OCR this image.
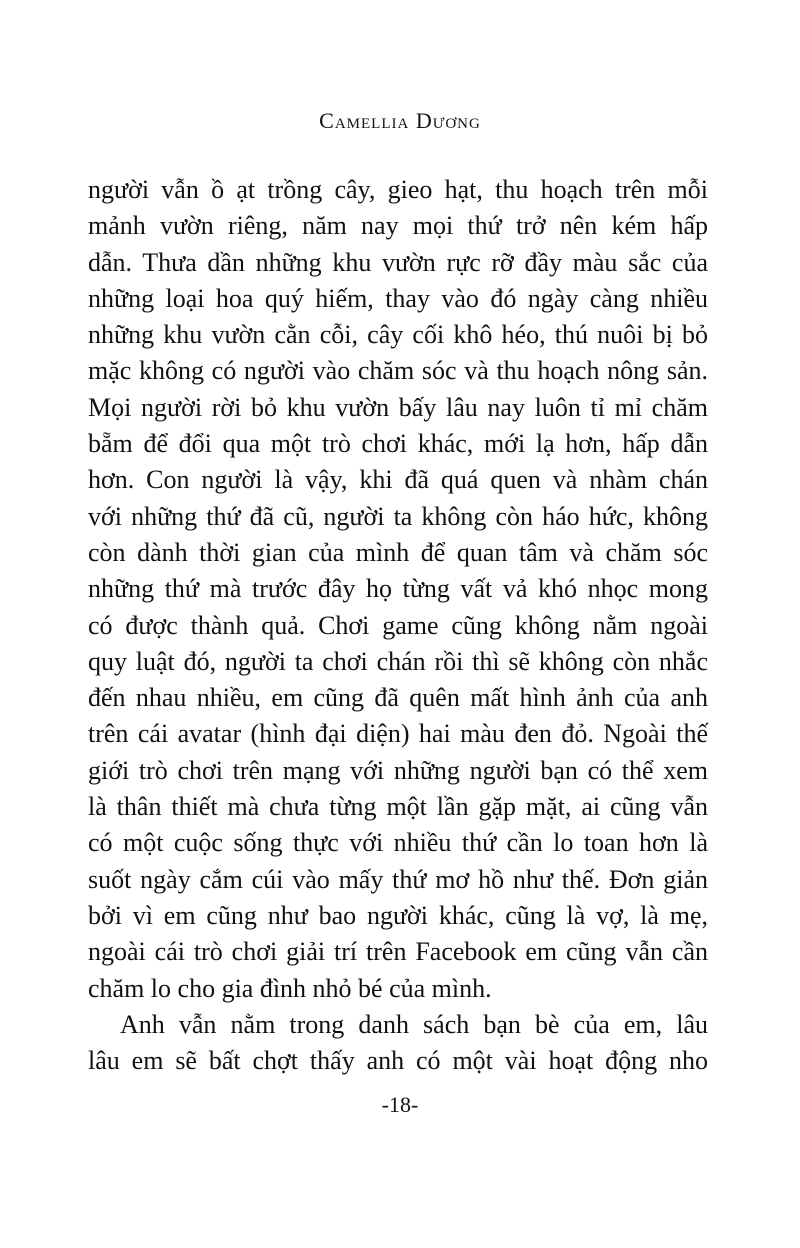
Camellia Dương
người vẫn ồ ạt trồng cây, gieo hạt, thu hoạch trên mỗi
mảnh vườn riêng, năm nay mọi thứ trở nên kém hấp
dẫn. Thưa dần những khu vườn rực rỡ đầy màu sắc của
những loại hoa quý hiếm, thay vào đó ngày càng nhiều
những khu vườn cằn cỗi, cây cối khô héo, thú nuôi bị bỏ
mặc không có người vào chăm sóc và thu hoạch nông sản.
Mọi người rời bỏ khu vườn bấy lâu nay luôn tỉ mỉ chăm
bẵm để đổi qua một trò chơi khác, mới lạ hơn, hấp dẫn
hơn. Con người là vậy, khi đã quá quen và nhàm chán
với những thứ đã cũ, người ta không còn háo hức, không
còn dành thời gian của mình để quan tâm và chăm sóc
những thứ mà trước đây họ từng vất vả khó nhọc mong
có được thành quả. Chơi game cũng không nằm ngoài
quy luật đó, người ta chơi chán rồi thì sẽ không còn nhắc
đến nhau nhiều, em cũng đã quên mất hình ảnh của anh
trên cái avatar (hình đại diện) hai màu đen đỏ. Ngoài thế
giới trò chơi trên mạng với những người bạn có thể xem
là thân thiết mà chưa từng một lần gặp mặt, ai cũng vẫn
có một cuộc sống thực với nhiều thứ cần lo toan hơn là
suốt ngày cắm cúi vào mấy thứ mơ hồ như thế. Đơn giản
bởi vì em cũng như bao người khác, cũng là vợ, là mẹ,
ngoài cái trò chơi giải trí trên Facebook em cũng vẫn cần
chăm lo cho gia đình nhỏ bé của mình.
Anh vẫn nằm trong danh sách bạn bè của em, lâu
lâu em sẽ bất chợt thấy anh có một vài hoạt động nho
-18-
